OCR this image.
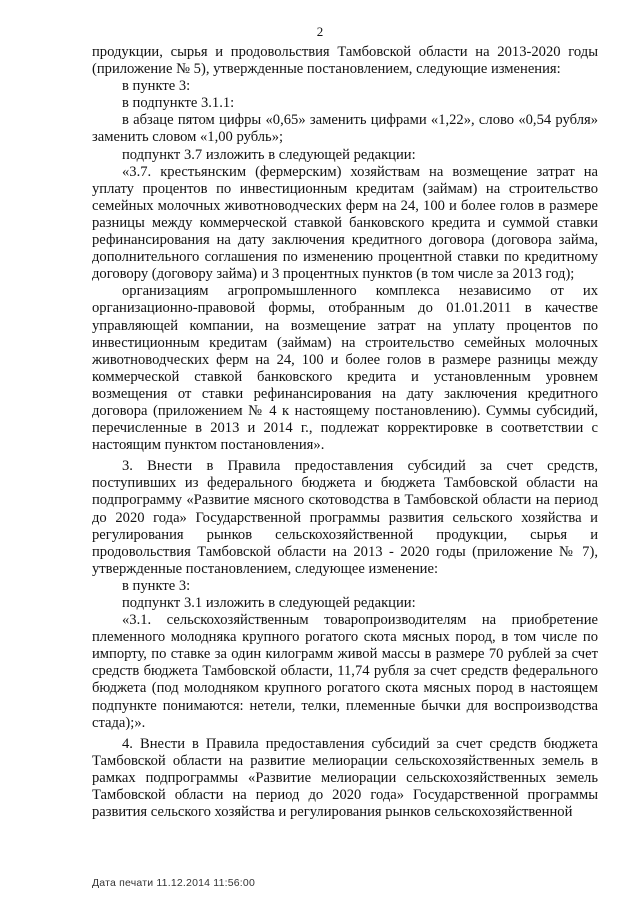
2

продукции, сырья и продовольствия Тамбовской области на 2013-2020 годы (приложение № 5), утвержденные постановлением, следующие изменения:

в пункте 3:

в подпункте 3.1.1:

в абзаце пятом цифры «0,65» заменить цифрами «1,22», слово «0,54 рубля» заменить словом «1,00 рубль»;

подпункт 3.7 изложить в следующей редакции:

«3.7. крестьянским (фермерским) хозяйствам на возмещение затрат на уплату процентов по инвестиционным кредитам (займам) на строительство семейных молочных животноводческих ферм на 24, 100 и более голов в размере разницы между коммерческой ставкой банковского кредита и суммой ставки рефинансирования на дату заключения кредитного договора (договора займа, дополнительного соглашения по изменению процентной ставки по кредитному договору (договору займа) и 3 процентных пунктов (в том числе за 2013 год);

организациям агропромышленного комплекса независимо от их организационно-правовой формы, отобранным до 01.01.2011 в качестве управляющей компании, на возмещение затрат на уплату процентов по инвестиционным кредитам (займам) на строительство семейных молочных животноводческих ферм на 24, 100 и более голов в размере разницы между коммерческой ставкой банковского кредита и установленным уровнем возмещения от ставки рефинансирования на дату заключения кредитного договора (приложением № 4 к настоящему постановлению). Суммы субсидий, перечисленные в 2013 и 2014 г., подлежат корректировке в соответствии с настоящим пунктом постановления».

3. Внести в Правила предоставления субсидий за счет средств, поступивших из федерального бюджета и бюджета Тамбовской области на подпрограмму «Развитие мясного скотоводства в Тамбовской области на период до 2020 года» Государственной программы развития сельского хозяйства и регулирования рынков сельскохозяйственной продукции, сырья и продовольствия Тамбовской области на 2013 - 2020 годы (приложение № 7), утвержденные постановлением, следующее изменение:

в пункте 3:

подпункт 3.1 изложить в следующей редакции:

«3.1. сельскохозяйственным товаропроизводителям на приобретение племенного молодняка крупного рогатого скота мясных пород, в том числе по импорту, по ставке за один килограмм живой массы в размере 70 рублей за счет средств бюджета Тамбовской области, 11,74 рубля за счет средств федерального бюджета (под молодняком крупного рогатого скота мясных пород в настоящем подпункте понимаются: нетели, телки, племенные бычки для воспроизводства стада);».

4. Внести в Правила предоставления субсидий за счет средств бюджета Тамбовской области на развитие мелиорации сельскохозяйственных земель в рамках подпрограммы «Развитие мелиорации сельскохозяйственных земель Тамбовской области на период до 2020 года» Государственной программы развития сельского хозяйства и регулирования рынков сельскохозяйственной

Дата печати 11.12.2014 11:56:00
